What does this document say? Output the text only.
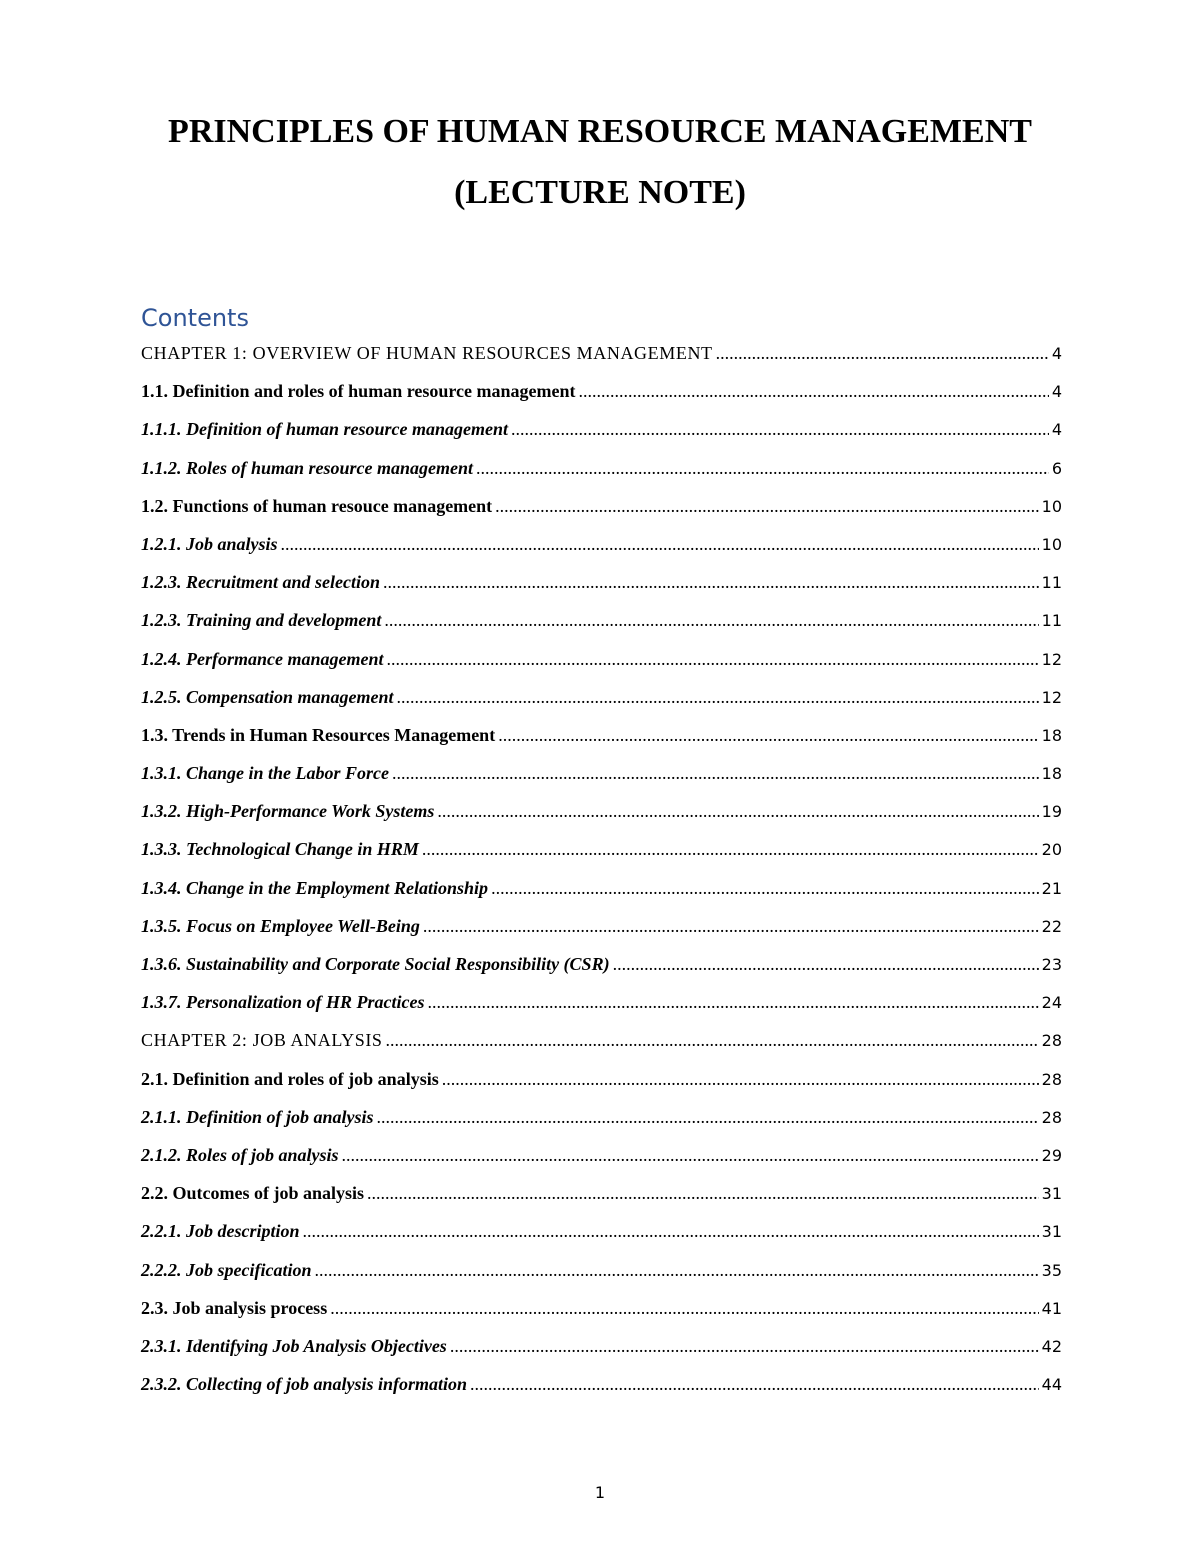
PRINCIPLES OF HUMAN RESOURCE MANAGEMENT
(LECTURE NOTE)
Contents
CHAPTER 1: OVERVIEW OF HUMAN RESOURCES MANAGEMENT .....	4
1.1. Definition and roles of human resource management .....	4
1.1.1. Definition of human resource management .....	4
1.1.2. Roles of human resource management .....	6
1.2. Functions of human resouce management .....	10
1.2.1. Job analysis .....	10
1.2.3. Recruitment and selection .....	11
1.2.3. Training and development .....	11
1.2.4. Performance management .....	12
1.2.5. Compensation management .....	12
1.3. Trends in Human Resources Management .....	18
1.3.1. Change in the Labor Force .....	18
1.3.2. High-Performance Work Systems .....	19
1.3.3. Technological Change in HRM .....	20
1.3.4. Change in the Employment Relationship .....	21
1.3.5. Focus on Employee Well-Being .....	22
1.3.6. Sustainability and Corporate Social Responsibility (CSR) .....	23
1.3.7. Personalization of HR Practices .....	24
CHAPTER 2: JOB ANALYSIS .....	28
2.1. Definition and roles of job analysis .....	28
2.1.1. Definition of job analysis .....	28
2.1.2. Roles of job analysis .....	29
2.2. Outcomes of job analysis .....	31
2.2.1. Job description .....	31
2.2.2. Job specification .....	35
2.3. Job analysis process .....	41
2.3.1. Identifying Job Analysis Objectives .....	42
2.3.2. Collecting of job analysis information .....	44

1
